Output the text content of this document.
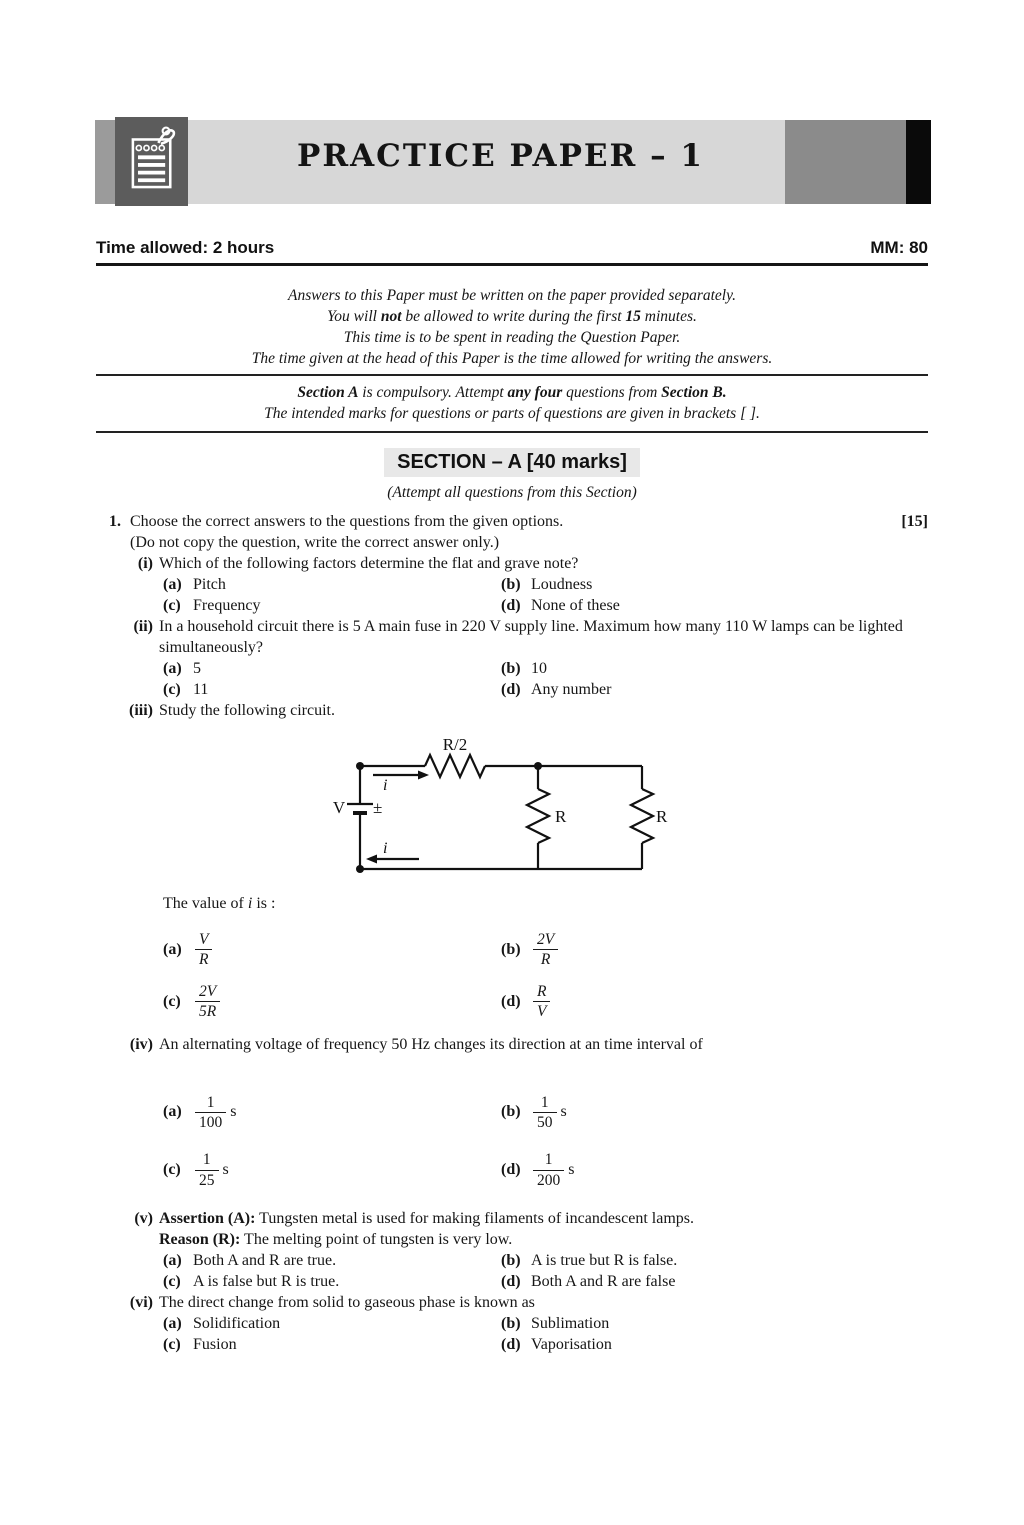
PRACTICE PAPER – 1
Time allowed: 2 hours	MM: 80
Answers to this Paper must be written on the paper provided separately.
You will not be allowed to write during the first 15 minutes.
This time is to be spent in reading the Question Paper.
The time given at the head of this Paper is the time allowed for writing the answers.
Section A is compulsory. Attempt any four questions from Section B.
The intended marks for questions or parts of questions are given in brackets [ ].
SECTION – A [40 marks]
(Attempt all questions from this Section)
1. Choose the correct answers to the questions from the given options.	[15]
(Do not copy the question, write the correct answer only.)
(i) Which of the following factors determine the flat and grave note?
(a) Pitch	(b) Loudness
(c) Frequency	(d) None of these
(ii) In a household circuit there is 5 A main fuse in 220 V supply line. Maximum how many 110 W lamps can be lighted simultaneously?
(a) 5	(b) 10
(c) 11	(d) Any number
(iii) Study the following circuit.
R/2
V ±
i
i
R	R
The value of i is :
$(a) \frac{V}{R}$	$(b) \frac{2V}{R}$
$(c) \frac{2V}{5R}$	$(d) \frac{R}{V}$
(iv) An alternating voltage of frequency 50 Hz changes its direction at an time interval of
$(a) \frac{1}{100}$ s	$(b) \frac{1}{50}$ s
$(c) \frac{1}{25}$ s	$(d) \frac{1}{200}$ s
(v) Assertion (A): Tungsten metal is used for making filaments of incandescent lamps.
Reason (R): The melting point of tungsten is very low.
(a) Both A and R are true.	(b) A is true but R is false.
(c) A is false but R is true.	(d) Both A and R are false
(vi) The direct change from solid to gaseous phase is known as
(a) Solidification	(b) Sublimation
(c) Fusion	(d) Vaporisation
